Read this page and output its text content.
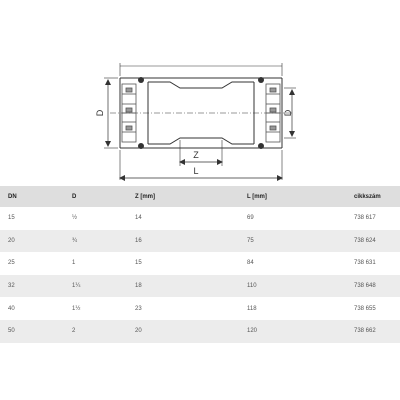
D	D
Z
L
DN	D	Z [mm]	L [mm]	cikkszám
15	½	14	69	738 617
20	¾	16	75	738 624
25	1	15	84	738 631
32	1¼	18	110	738 648
40	1½	23	118	738 655
50	2	20	120	738 662
